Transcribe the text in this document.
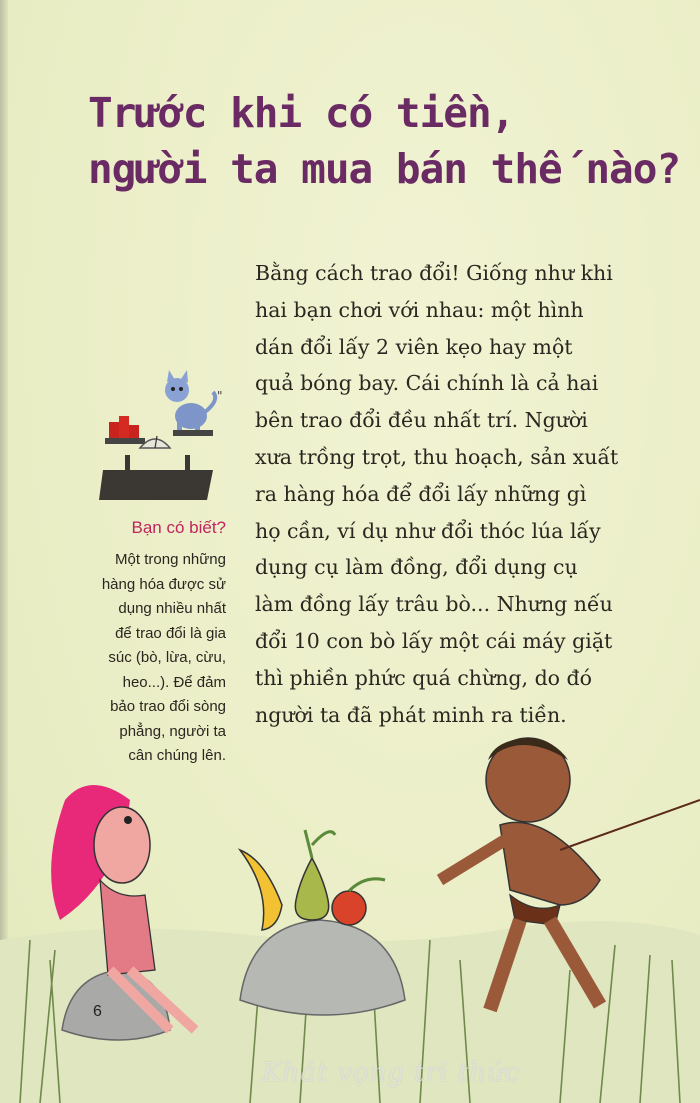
Trước khi có tiền,
người ta mua bán thế nào?
Bằng cách trao đổi! Giống như khi
hai bạn chơi với nhau: một hình
dán đổi lấy 2 viên kẹo hay một
quả bóng bay. Cái chính là cả hai
bên trao đổi đều nhất trí. Người
xưa trồng trọt, thu hoạch, sản xuất
ra hàng hóa để đổi lấy những gì
họ cần, ví dụ như đổi thóc lúa lấy
dụng cụ làm đồng, đổi dụng cụ
làm đồng lấy trâu bò... Nhưng nếu
đổi 10 con bò lấy một cái máy giặt
thì phiền phức quá chừng, do đó
người ta đã phát minh ra tiền.
"
Bạn có biết?
Một trong những
hàng hóa được sử
dụng nhiều nhất
để trao đổi là gia
súc (bò, lừa, cừu,
heo...). Để đảm
bảo trao đổi sòng
phẳng, người ta
cân chúng lên.
6
Khát vọng tri thức
